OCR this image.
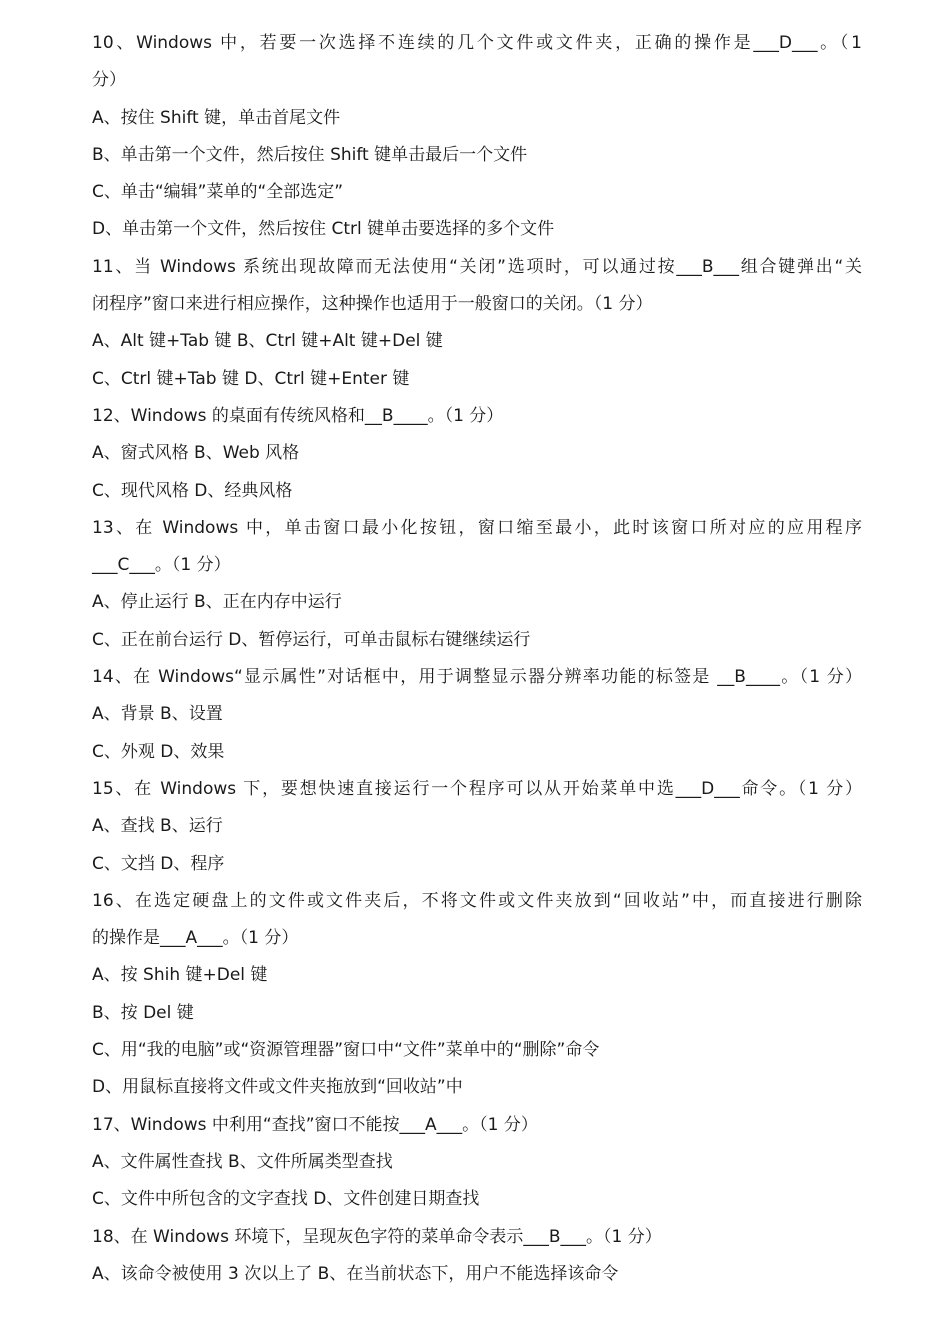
10、Windows 中，若要一次选择不连续的几个文件或文件夹，正确的操作是___D___。（1
分）
A、按住 Shift 键，单击首尾文件
B、单击第一个文件，然后按住 Shift 键单击最后一个文件
C、单击“编辑”菜单的“全部选定”
D、单击第一个文件，然后按住 Ctrl 键单击要选择的多个文件
11、当 Windows 系统出现故障而无法使用“关闭”选项时，可以通过按___B___组合键弹出“关
闭程序”窗口来进行相应操作，这种操作也适用于一般窗口的关闭。（1 分）
A、Alt 键+Tab 键 B、Ctrl 键+Alt 键+Del 键
C、Ctrl 键+Tab 键 D、Ctrl 键+Enter 键
12、Windows 的桌面有传统风格和__B____。（1 分）
A、窗式风格 B、Web 风格
C、现代风格 D、经典风格
13、在 Windows 中，单击窗口最小化按钮，窗口缩至最小，此时该窗口所对应的应用程序
___C___。（1 分）
A、停止运行 B、正在内存中运行
C、正在前台运行 D、暂停运行，可单击鼠标右键继续运行
14、在 Windows“显示属性”对话框中，用于调整显示器分辨率功能的标签是 __B____。（1 分）
A、背景 B、设置
C、外观 D、效果
15、在 Windows 下，要想快速直接运行一个程序可以从开始菜单中选___D___命令。（1 分）
A、查找 B、运行
C、文挡 D、程序
16、在选定硬盘上的文件或文件夹后，不将文件或文件夹放到“回收站”中，而直接进行删除
的操作是___A___。（1 分）
A、按 Shih 键+Del 键
B、按 Del 键
C、用“我的电脑”或“资源管理器”窗口中“文件”菜单中的“删除”命令
D、用鼠标直接将文件或文件夹拖放到“回收站”中
17、Windows 中利用“查找”窗口不能按___A___。（1 分）
A、文件属性查找 B、文件所属类型查找
C、文件中所包含的文字查找 D、文件创建日期查找
18、在 Windows 环境下，呈现灰色字符的菜单命令表示___B___。（1 分）
A、该命令被使用 3 次以上了 B、在当前状态下，用户不能选择该命令
